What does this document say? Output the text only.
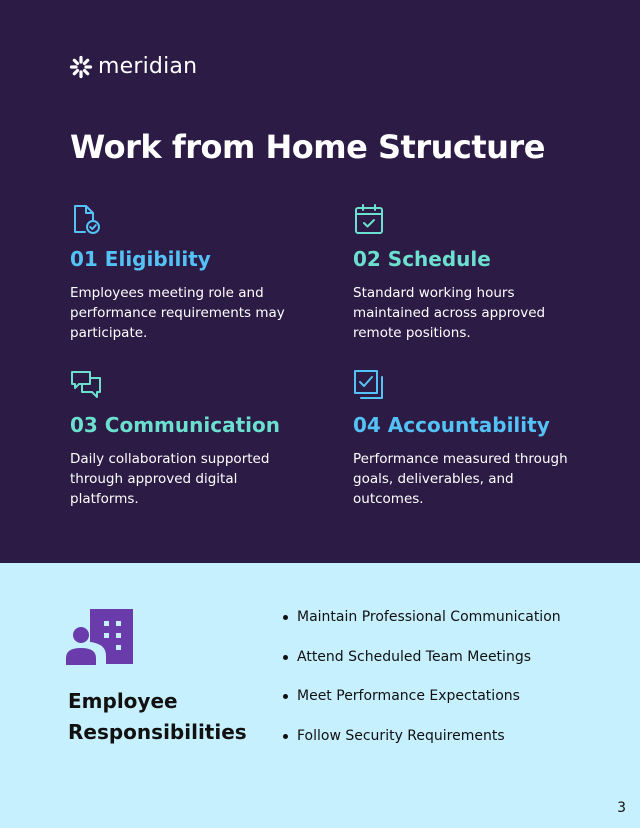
meridian
Work from Home Structure
01 Eligibility

Employees meeting role and performance requirements may participate.

02 Schedule

Standard working hours maintained across approved remote positions.

03 Communication

Daily collaboration supported through approved digital platforms.

04 Accountability

Performance measured through goals, deliverables, and outcomes.

Employee Responsibilities
Maintain Professional Communication
Attend Scheduled Team Meetings
Meet Performance Expectations
Follow Security Requirements
3
